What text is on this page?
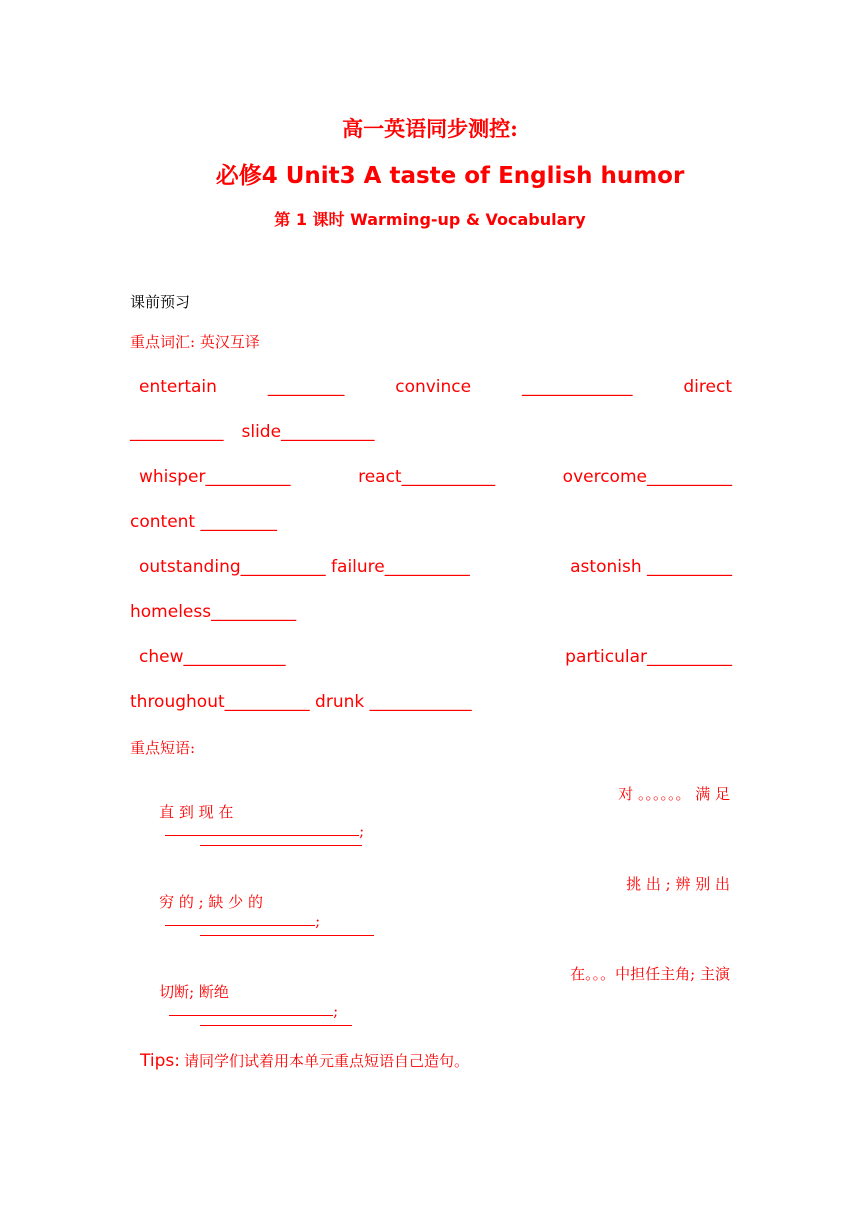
高一英语同步测控:
必修4 Unit3 A taste of English humor
第 1 课时 Warming-up & Vocabulary
课前预习
重点词汇: 英汉互译
entertain	_________	convince	_____________	direct
___________ slide___________
whisper__________	react___________	overcome__________
content _________
outstanding__________ failure__________	astonish __________
homeless__________
chew____________	particular__________
throughout__________ drunk ____________
重点短语:

直 到 现 在
;

对 。。。。。。 满 足

穷 的 ; 缺 少 的
;

挑 出 ; 辨 别 出

切断; 断绝
;

在。。。中担任主角; 主演
Tips: 请同学们试着用本单元重点短语自己造句。
